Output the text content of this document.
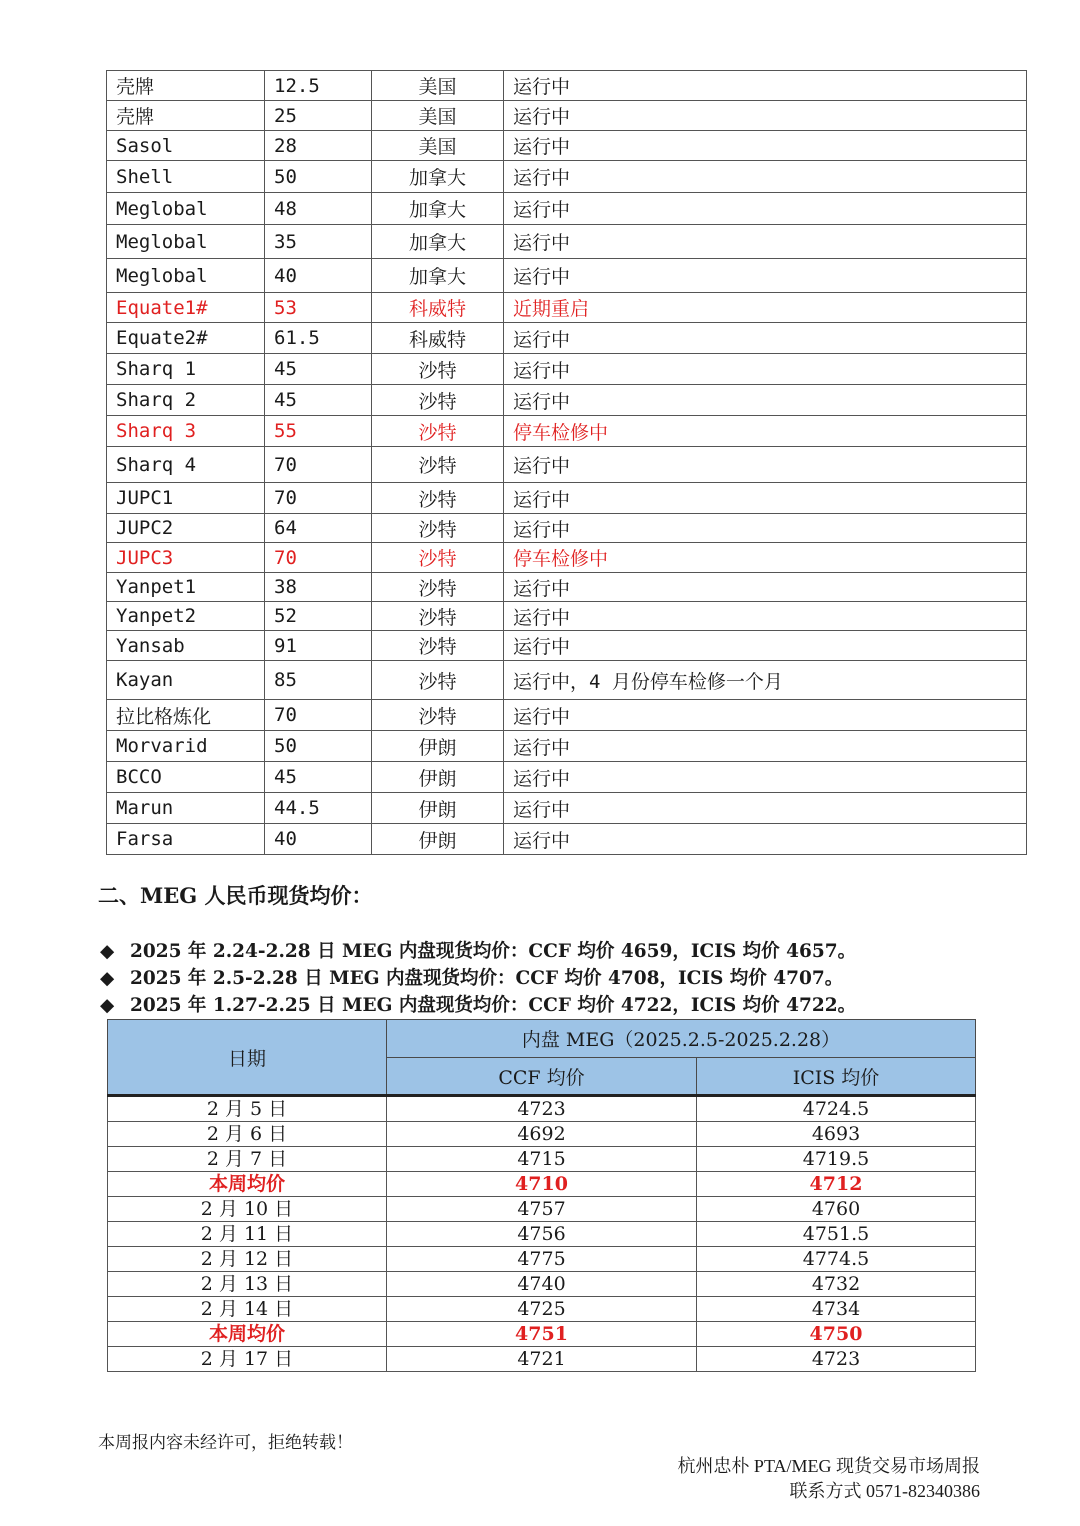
壳牌	12.5	美国	运行中
壳牌	25	美国	运行中
Sasol	28	美国	运行中
Shell	50	加拿大	运行中
Meglobal	48	加拿大	运行中
Meglobal	35	加拿大	运行中
Meglobal	40	加拿大	运行中
Equate1#	53	科威特	近期重启
Equate2#	61.5	科威特	运行中
Sharq 1	45	沙特	运行中
Sharq 2	45	沙特	运行中
Sharq 3	55	沙特	停车检修中
Sharq 4	70	沙特	运行中
JUPC1	70	沙特	运行中
JUPC2	64	沙特	运行中
JUPC3	70	沙特	停车检修中
Yanpet1	38	沙特	运行中
Yanpet2	52	沙特	运行中
Yansab	91	沙特	运行中
Kayan	85	沙特	运行中，4 月份停车检修一个月
拉比格炼化	70	沙特	运行中
Morvarid	50	伊朗	运行中
BCCO	45	伊朗	运行中
Marun	44.5	伊朗	运行中
Farsa	40	伊朗	运行中
二、MEG 人民币现货均价：
◆ 2025 年 2.24-2.28 日 MEG 内盘现货均价：CCF 均价 4659，ICIS 均价 4657。
◆ 2025 年 2.5-2.28 日 MEG 内盘现货均价：CCF 均价 4708，ICIS 均价 4707。
◆ 2025 年 1.27-2.25 日 MEG 内盘现货均价：CCF 均价 4722，ICIS 均价 4722。
日期	内盘 MEG（2025.2.5-2025.2.28）	
	CCF 均价	ICIS 均价
2 月 5 日	4723	4724.5
2 月 6 日	4692	4693
2 月 7 日	4715	4719.5
本周均价	4710	4712
2 月 10 日	4757	4760
2 月 11 日	4756	4751.5
2 月 12 日	4775	4774.5
2 月 13 日	4740	4732
2 月 14 日	4725	4734
本周均价	4751	4750
2 月 17 日	4721	4723
本周报内容未经许可，拒绝转载！
杭州忠朴 PTA/MEG 现货交易市场周报
联系方式 0571-82340386
